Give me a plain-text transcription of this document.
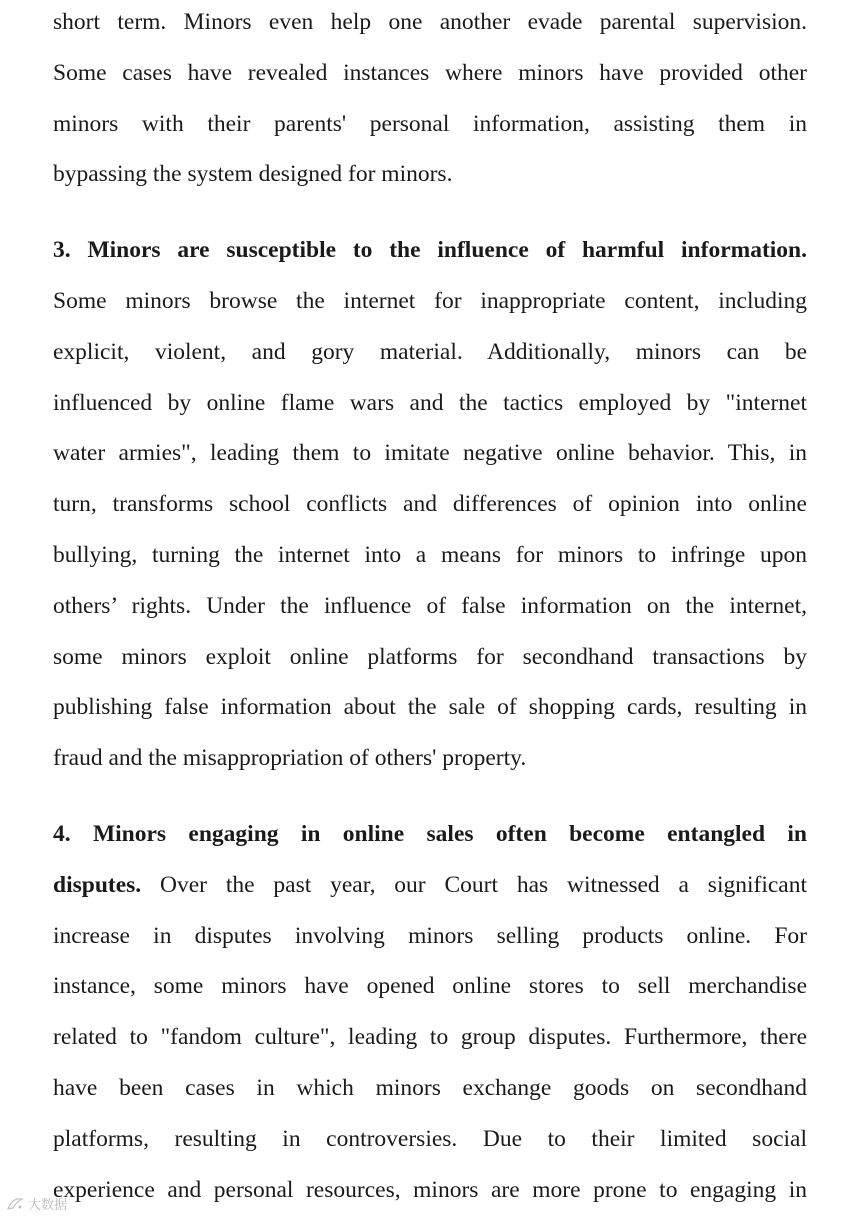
short term. Minors even help one another evade parental supervision.
Some cases have revealed instances where minors have provided other
minors with their parents' personal information, assisting them in
bypassing the system designed for minors.
3. Minors are susceptible to the influence of harmful information.
Some minors browse the internet for inappropriate content, including
explicit, violent, and gory material. Additionally, minors can be
influenced by online flame wars and the tactics employed by "internet
water armies", leading them to imitate negative online behavior. This, in
turn, transforms school conflicts and differences of opinion into online
bullying, turning the internet into a means for minors to infringe upon
others’ rights. Under the influence of false information on the internet,
some minors exploit online platforms for secondhand transactions by
publishing false information about the sale of shopping cards, resulting in
fraud and the misappropriation of others' property.
4. Minors engaging in online sales often become entangled in
disputes. Over the past year, our Court has witnessed a significant
increase in disputes involving minors selling products online. For
instance, some minors have opened online stores to sell merchandise
related to "fandom culture", leading to group disputes. Furthermore, there
have been cases in which minors exchange goods on secondhand
platforms, resulting in controversies. Due to their limited social
experience and personal resources, minors are more prone to engaging in
大数据
